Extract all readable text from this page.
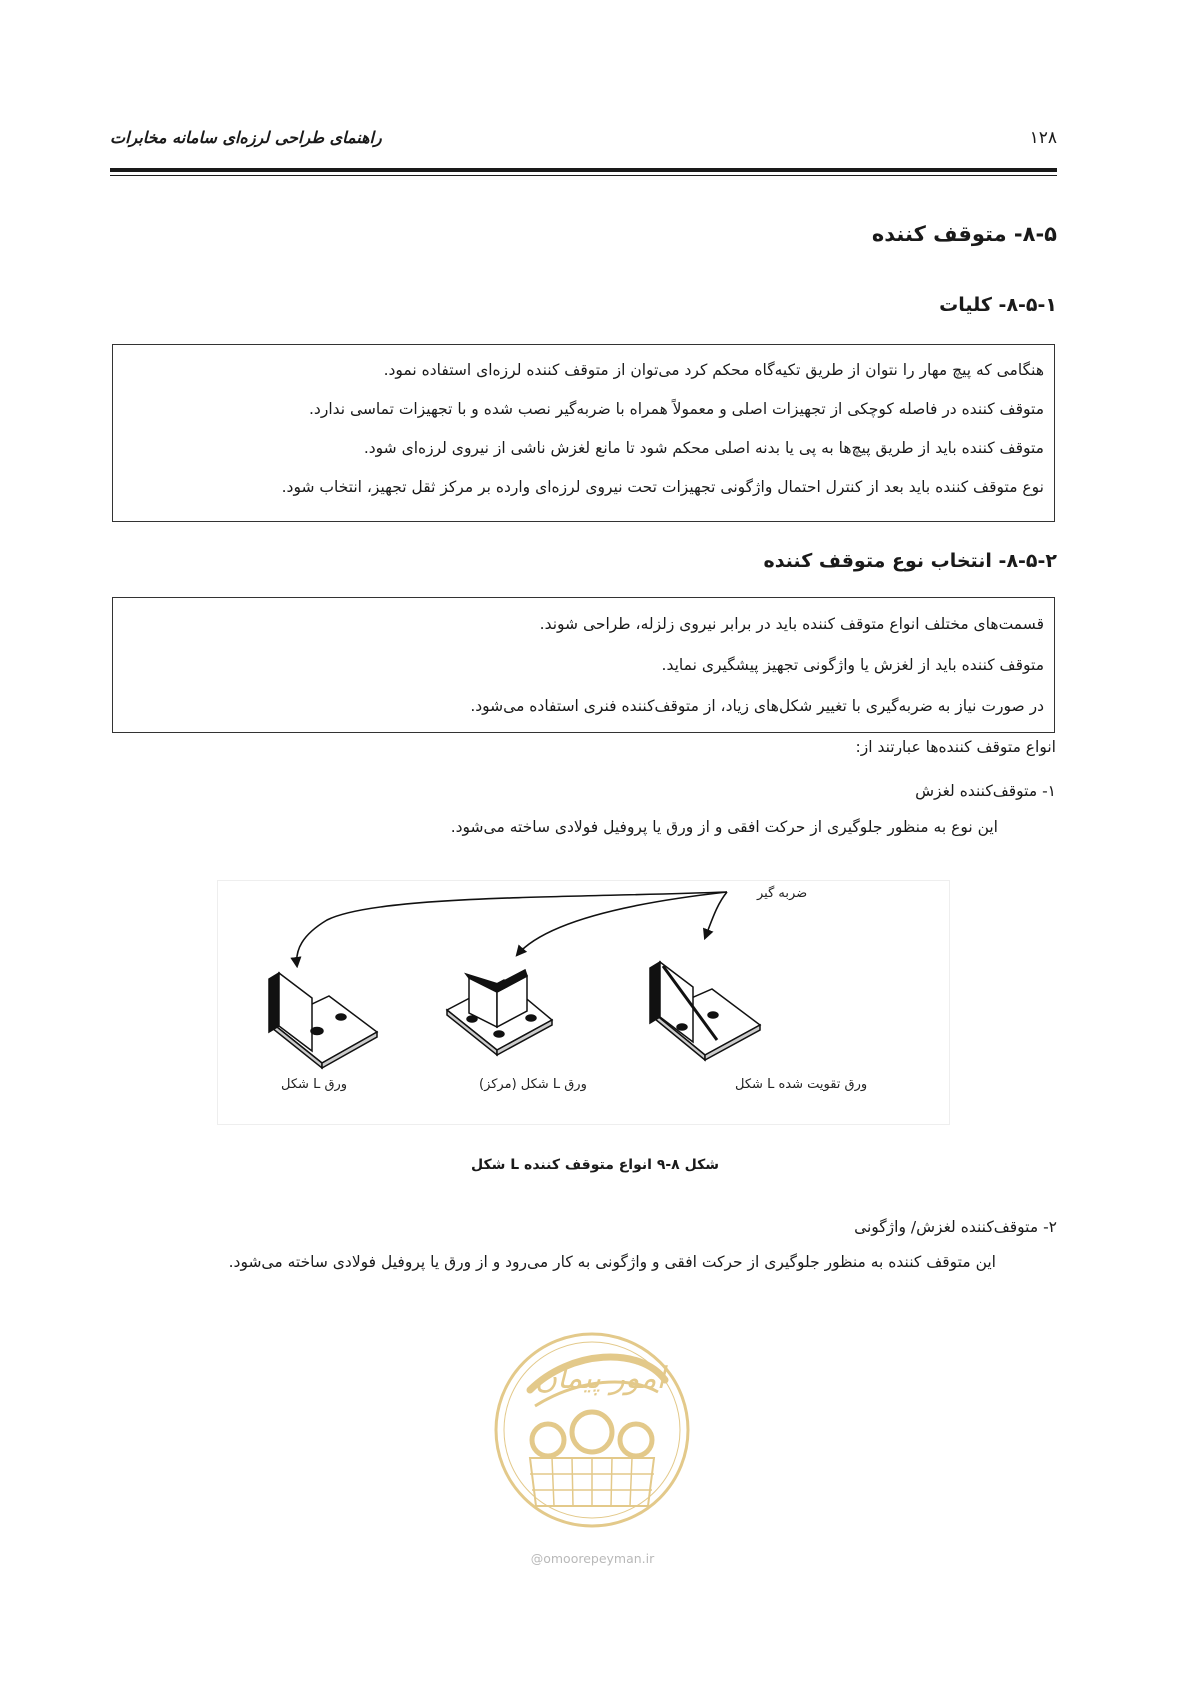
۱۲۸
راهنمای طراحی لرزه‌ای سامانه مخابرات
۸-۵- متوقف کننده
۸-۵-۱- کلیات
هنگامی که پیچ مهار را نتوان از طریق تکیه‌گاه محکم کرد می‌توان از متوقف کننده لرزه‌ای استفاده نمود.
متوقف کننده در فاصله کوچکی از تجهیزات اصلی و معمولاً همراه با ضربه‌گیر نصب شده و با تجهیزات تماسی ندارد.
متوقف کننده باید از طریق پیچ‌ها به پی یا بدنه اصلی محکم شود تا مانع لغزش ناشی از نیروی لرزه‌ای شود.
نوع متوقف کننده باید بعد از کنترل احتمال واژگونی تجهیزات تحت نیروی لرزه‌ای وارده بر مرکز ثقل تجهیز، انتخاب شود.
۸-۵-۲- انتخاب نوع متوقف کننده
قسمت‌های مختلف انواع متوقف کننده باید در برابر نیروی زلزله، طراحی شوند.
متوقف کننده باید از لغزش یا واژگونی تجهیز پیشگیری نماید.
در صورت نیاز به ضربه‌گیری با تغییر شکل‌های زیاد، از متوقف‌کننده فنری استفاده می‌شود.
انواع متوقف کننده‌ها عبارتند از:
۱- متوقف‌کننده لغزش
این نوع به منظور جلوگیری از حرکت افقی و از ورق یا پروفیل فولادی ساخته می‌شود.
ضربه گیر
ورق L شکل	ورق L شکل (مرکز)	ورق تقویت شده L شکل
شکل ۸-۹ انواع متوقف کننده L شکل
۲- متوقف‌کننده لغزش/ واژگونی
این متوقف کننده به منظور جلوگیری از حرکت افقی و واژگونی به کار می‌رود و از ورق یا پروفیل فولادی ساخته می‌شود.
امور پیمان
@omoorepeyman.ir
